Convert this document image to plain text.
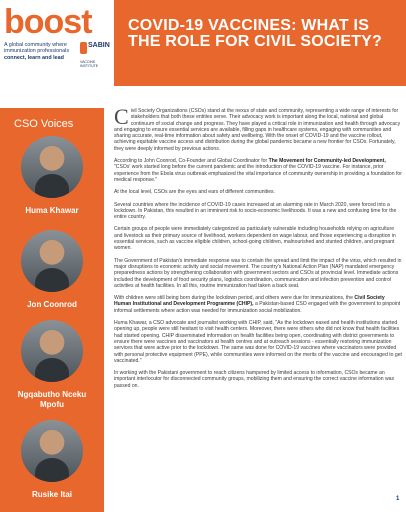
boost
A global community where immunization professionals
connect, learn and lead
SABIN
VACCINE INSTITUTE
COVID-19 VACCINES: WHAT IS THE ROLE FOR CIVIL SOCIETY?
CSO Voices
Huma Khawar
Jon Coonrod
Ngqabutho Nceku Mpofu
Rusike Itai

Civil Society Organizations (CSOs) stand at the nexus of state and community, representing a wide range of interests for stakeholders that both these entities serve. Their advocacy work is important along the local, national and global continuum of social change and progress. They have played a critical role in immunization and health through advocacy and engaging to ensure essential services are available, filling gaps in healthcare systems, engaging with communities and sharing accurate, real-time information about safety and wellbeing. With the onset of COVID-19 and the vaccine rollout, achieving equitable vaccine access and distribution during the global pandemic became a new frontier for CSOs. Fortunately, they were deeply informed by previous actions.

According to John Coonrod, Co-Founder and Global Coordinator for The Movement for Community-led Development, "CSOs' work started long before the current pandemic and the introduction of the COVID-19 vaccine. For instance, prior experience from the Ebola virus outbreak emphasized the vital importance of community ownership in providing a foundation for medical response."

At the local level, CSOs are the eyes and ears of different communities.

Several countries where the incidence of COVID-19 cases increased at an alarming rate in March 2020, were forced into a lockdown. In Pakistan, this resulted in an imminent risk to socio-economic livelihoods. It was a new and confusing time for the entire country.

Certain groups of people were immediately categorized as particularly vulnerable including households relying on agriculture and livestock as their primary source of livelihood, workers dependent on wage labour, and those experiencing a disruption in essential services, such as vaccine eligible children, school-going children, malnourished and stunted children, and pregnant women.

The Government of Pakistan's immediate response was to contain the spread and limit the impact of the virus, which resulted in major disruptions to economic activity and social movement. The country's National Action Plan (NAP) mandated emergency preparedness actions by strengthening collaboration with government sectors and CSOs at provincial level. Immediate actions included the development of food security plans, logistics coordination, communication and infection prevention and control activities at health facilities. In all this, routine immunization had taken a back seat.

With children were still being born during the lockdown period, and others were due for immunizations, the Civil Society Human Institutional and Development Programme (CHIP), a Pakistan-based CSO engaged with the government to pinpoint informal settlements where action was needed for immunization social mobilization.

Huma Khawar, a CSO advocate and journalist working with CHIP, said, "As the lockdown eased and health institutions started opening up, people were still hesitant to visit health centers. Moreover, there were others who did not know that health facilities had started opening. CHIP disseminated information on health facilities being open, coordinating with district governments to ensure there were vaccines and vaccinators at health centres and at outreach sessions - essentially restoring immunization services that were active prior to the lockdown. The same was done for COVID-19 vaccines where vaccinators were provided with personal protective equipment (PPE), while communities were informed on the merits of the vaccine and encouraged to get vaccinated."

In working with the Pakistani government to reach citizens hampered by limited access to information, CSOs became an important interlocutor for disconnected community groups, mobilizing them and ensuring the correct vaccine information was passed on.

1
